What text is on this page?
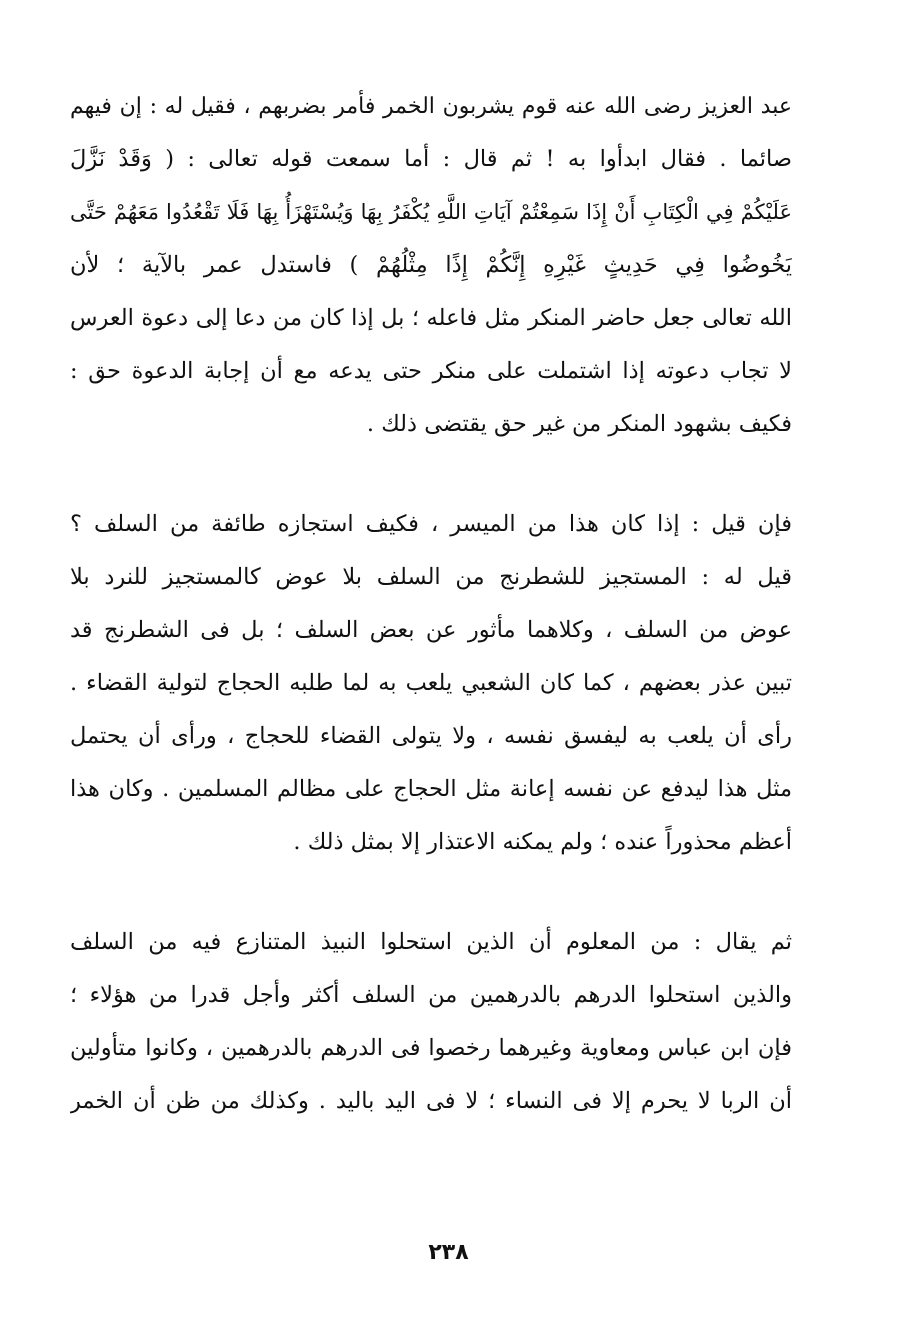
عبد العزيز رضى الله عنه قوم يشربون الخمر فأمر بضربهم ، فقيل له : إن فيهم
صائما . فقال ابدأوا به ! ثم قال : أما سمعت قوله تعالى : ( وَقَدْ نَزَّلَ
عَلَيْكُمْ فِي الْكِتَابِ أَنْ إِذَا سَمِعْتُمْ آيَاتِ اللَّهِ يُكْفَرُ بِهَا وَيُسْتَهْزَأُ بِهَا فَلَا تَقْعُدُوا مَعَهُمْ حَتَّى
يَخُوضُوا فِي حَدِيثٍ غَيْرِهِ إِنَّكُمْ إِذًا مِثْلُهُمْ ) فاستدل عمر بالآية ؛ لأن
الله تعالى جعل حاضر المنكر مثل فاعله ؛ بل إذا كان من دعا إلى دعوة العرس
لا تجاب دعوته إذا اشتملت على منكر حتى يدعه مع أن إجابة الدعوة حق :
فكيف بشهود المنكر من غير حق يقتضى ذلك .
فإن قيل : إذا كان هذا من الميسر ، فكيف استجازه طائفة من السلف ؟
قيل له : المستجيز للشطرنج من السلف بلا عوض كالمستجيز للنرد بلا
عوض من السلف ، وكلاهما مأثور عن بعض السلف ؛ بل فى الشطرنج قد
تبين عذر بعضهم ، كما كان الشعبي يلعب به لما طلبه الحجاج لتولية القضاء .
رأى أن يلعب به ليفسق نفسه ، ولا يتولى القضاء للحجاج ، ورأى أن يحتمل
مثل هذا ليدفع عن نفسه إعانة مثل الحجاج على مظالم المسلمين . وكان هذا
أعظم محذوراً عنده ؛ ولم يمكنه الاعتذار إلا بمثل ذلك .
ثم يقال : من المعلوم أن الذين استحلوا النبيذ المتنازع فيه من السلف
والذين استحلوا الدرهم بالدرهمين من السلف أكثر وأجل قدرا من هؤلاء ؛
فإن ابن عباس ومعاوية وغيرهما رخصوا فى الدرهم بالدرهمين ، وكانوا متأولين
أن الربا لا يحرم إلا فى النساء ؛ لا فى اليد باليد . وكذلك من ظن أن الخمر
٢٣٨
